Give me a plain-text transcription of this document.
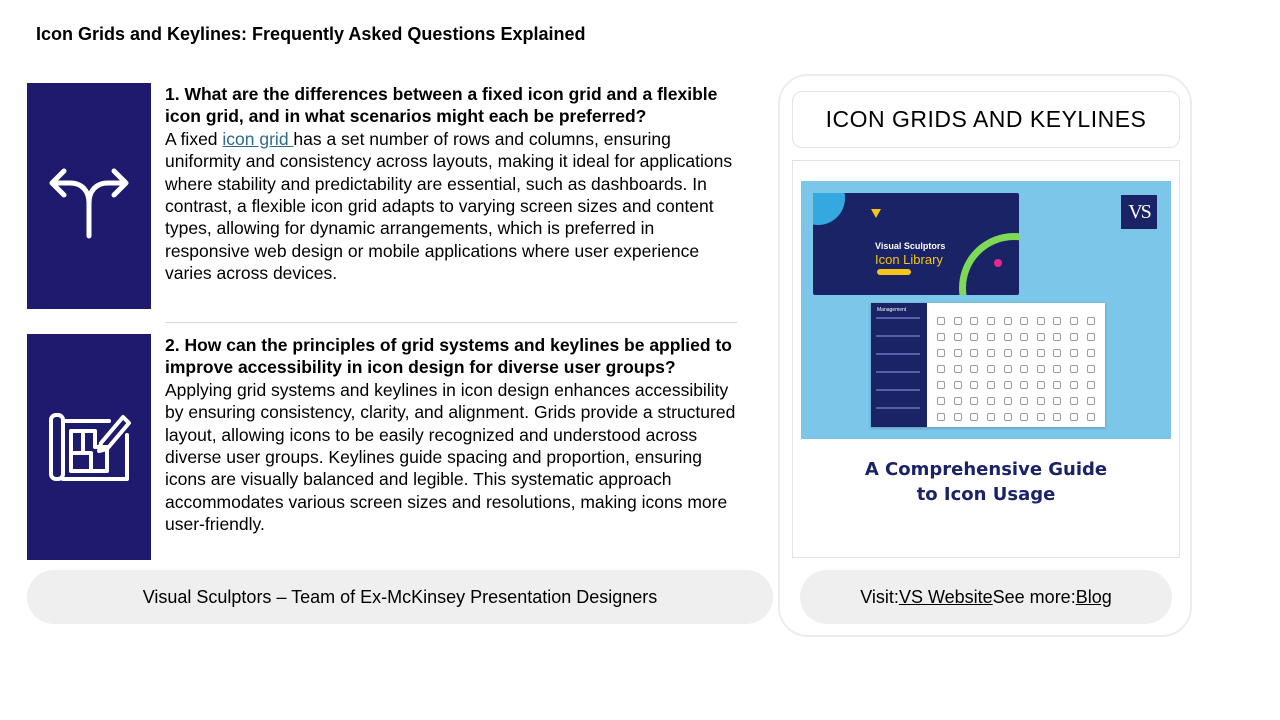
Icon Grids and Keylines: Frequently Asked Questions Explained

1. What are the differences between a fixed icon grid and a flexible icon grid, and in what scenarios might each be preferred?

A fixed icon grid has a set number of rows and columns, ensuring uniformity and consistency across layouts, making it ideal for applications where stability and predictability are essential, such as dashboards. In contrast, a flexible icon grid adapts to varying screen sizes and content types, allowing for dynamic arrangements, which is preferred in responsive web design or mobile applications where user experience varies across devices.

2. How can the principles of grid systems and keylines be applied to improve accessibility in icon design for diverse user groups?

Applying grid systems and keylines in icon design enhances accessibility by ensuring consistency, clarity, and alignment. Grids provide a structured layout, allowing icons to be easily recognized and understood across diverse user groups. Keylines guide spacing and proportion, ensuring icons are visually balanced and legible. This systematic approach accommodates various screen sizes and resolutions, making icons more user-friendly.

Visual Sculptors – Team of Ex-McKinsey Presentation Designers
ICON GRIDS AND KEYLINES
Visual Sculptors
Icon Library
VS
Management
A Comprehensive Guide
to Icon Usage
Visit: VS Website See more: Blog
